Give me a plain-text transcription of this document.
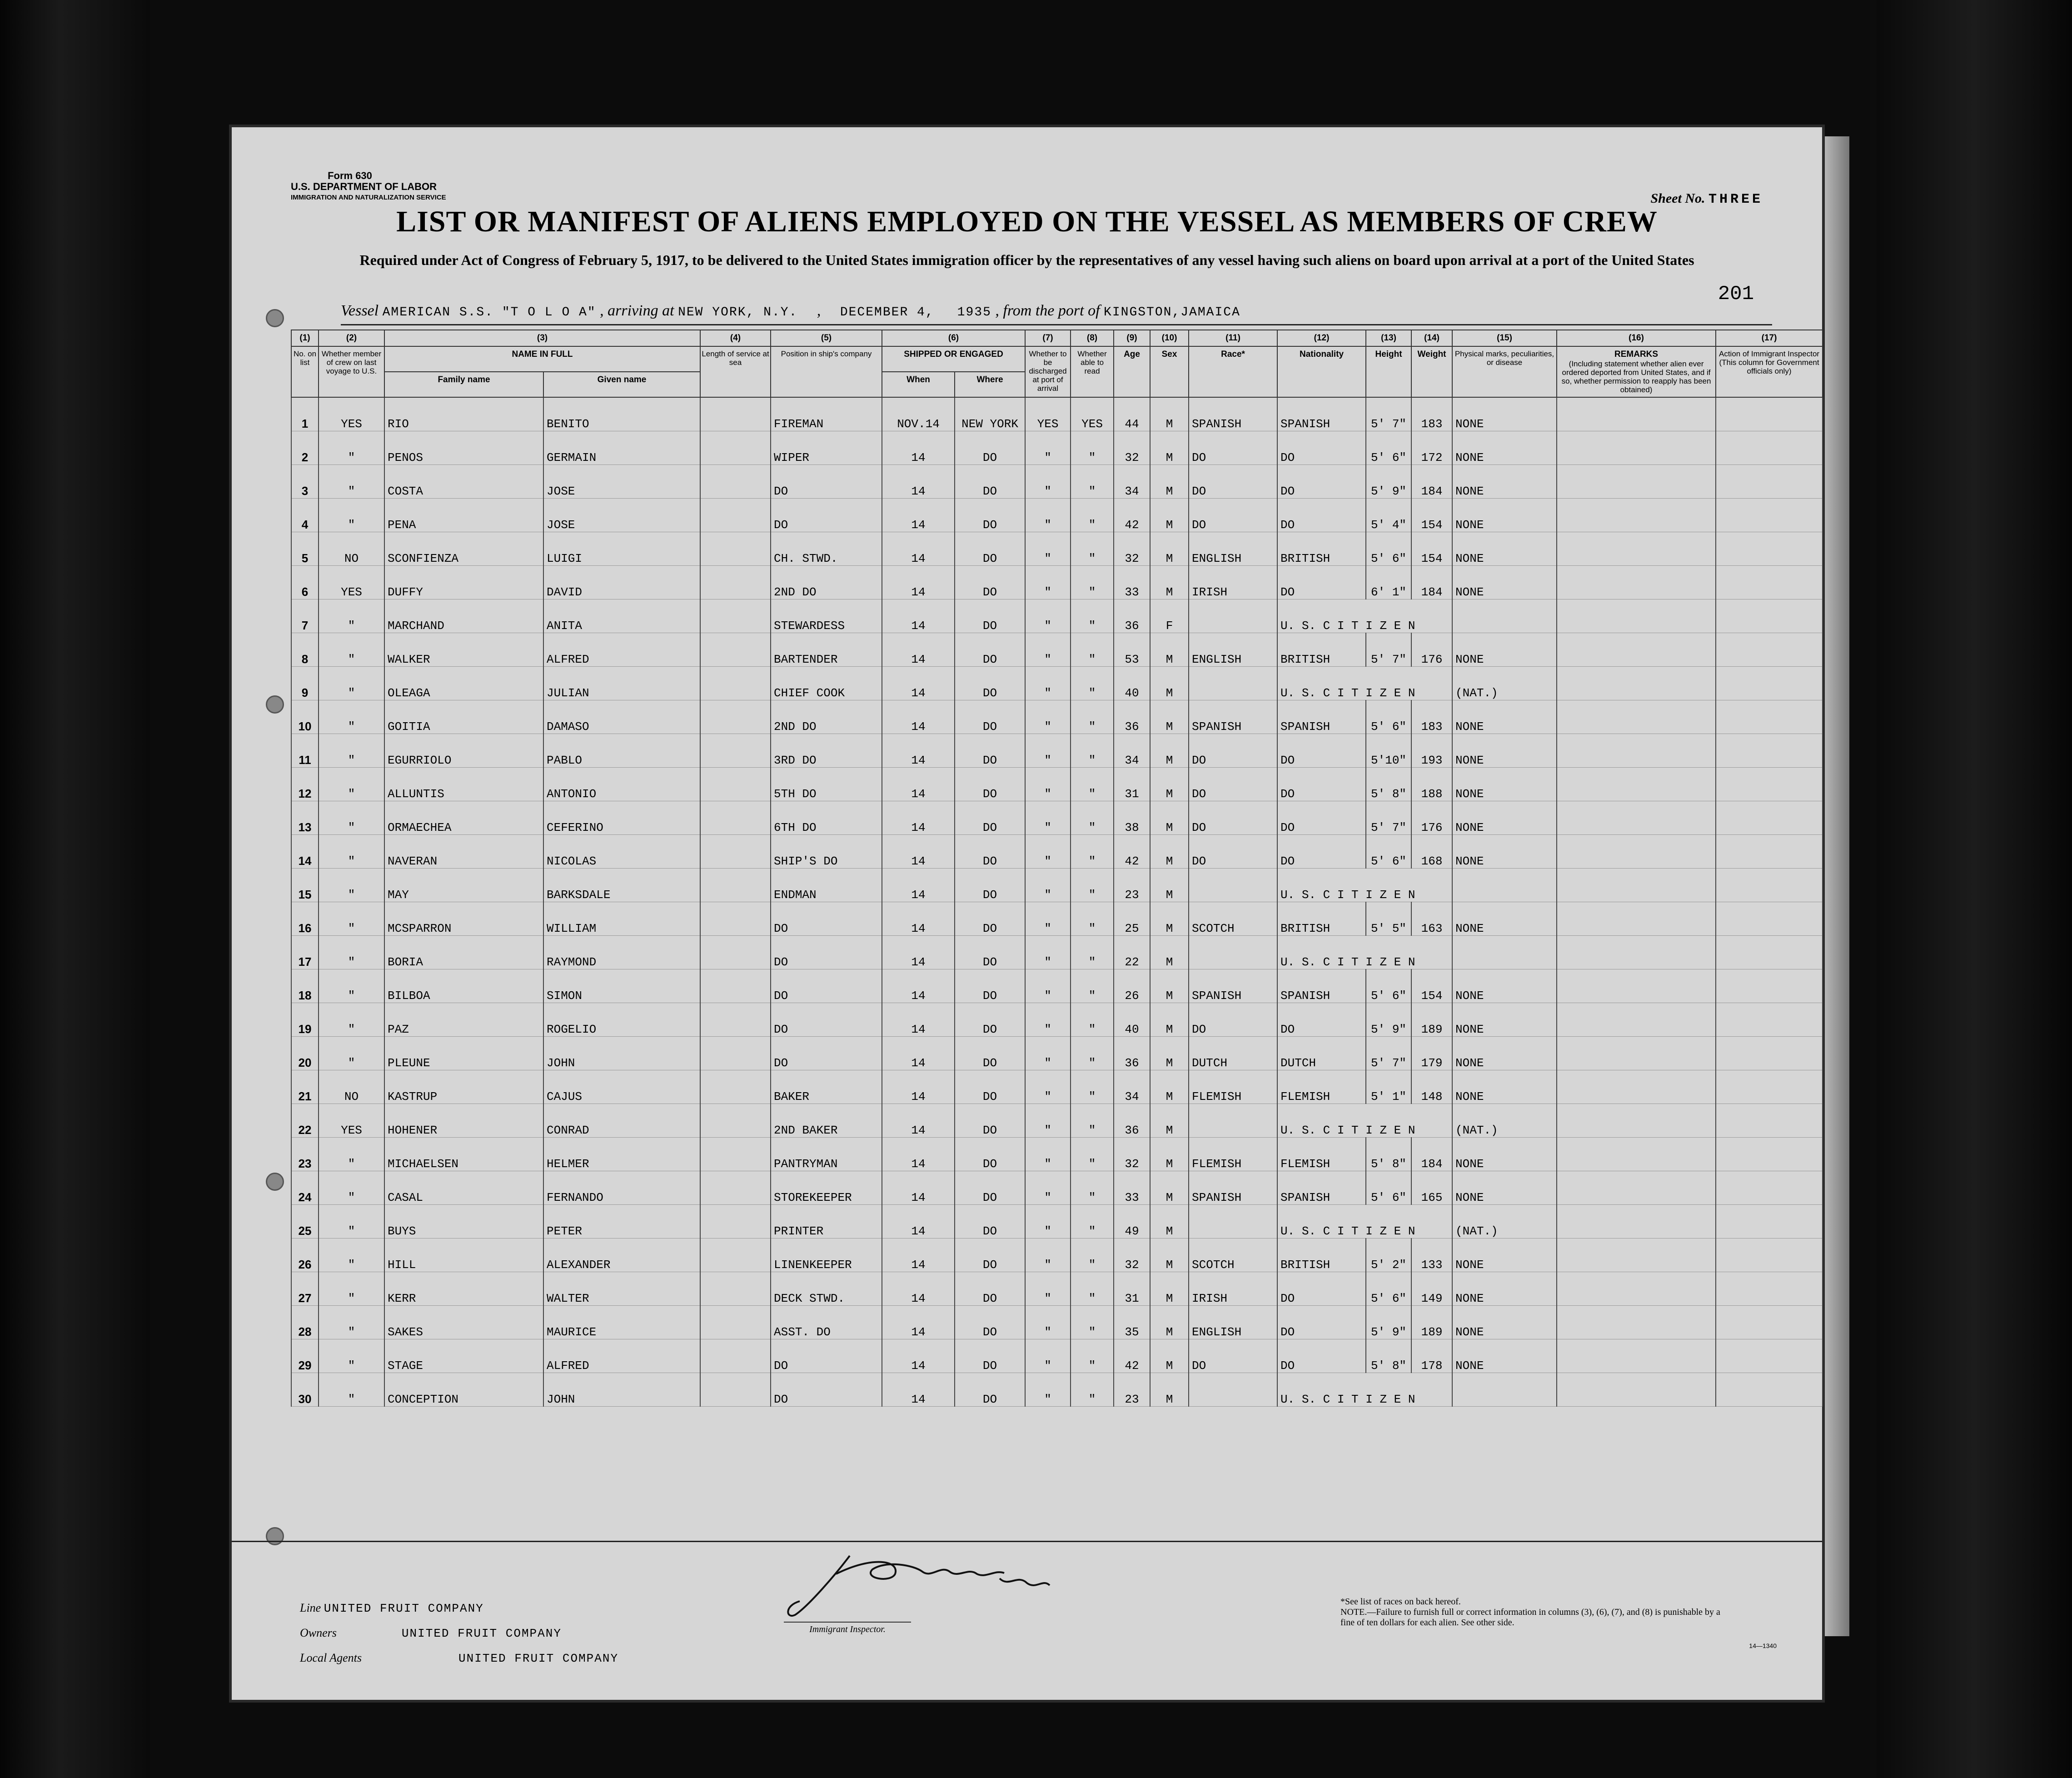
Form 630
U.S. DEPARTMENT OF LABOR
IMMIGRATION AND NATURALIZATION SERVICE	Sheet No. THREE
LIST OR MANIFEST OF ALIENS EMPLOYED ON THE VESSEL AS MEMBERS OF CREW
Required under Act of Congress of February 5, 1917, to be delivered to the United States immigration officer by the representatives of any vessel having such aliens on board upon arrival at a port of the United States
201
Vessel AMERICAN S.S. "T O L O A" , arriving at NEW YORK, N.Y.     ,     DECEMBER 4, 1935 , from the port of KINGSTON,JAMAICA
(1)	(2)	(3)		(4)	(5)	(6)		(7)	(8)	(9)	(10)	(11)	(12)	(13)	(14)	(15)	(16)	(17)

No. on list	Whether member of crew on last voyage to U.S.	NAME IN FULL		Length of service at sea	Position in ship's company	SHIPPED OR ENGAGED		Whether to be discharged at port of arrival	Whether able to read	Age	Sex	Race*	Nationality	Height	Weight	Physical marks, peculiarities, or disease	REMARKS
(Including statement whether alien ever ordered deported from United States, and if so, whether permission to reapply has been obtained)	Action of Immigrant Inspector
(This column for Government officials only)

		Family name	Given name			When	Where											
1	YES	RIO	BENITO		FIREMAN	NOV.14	NEW YORK	YES	YES	44	M	SPANISH	SPANISH	5' 7"	183	NONE		
2	"	PENOS	GERMAIN		WIPER	14	DO	"	"	32	M	DO	DO	5' 6"	172	NONE		
3	"	COSTA	JOSE		DO	14	DO	"	"	34	M	DO	DO	5' 9"	184	NONE		
4	"	PENA	JOSE		DO	14	DO	"	"	42	M	DO	DO	5' 4"	154	NONE		
5	NO	SCONFIENZA	LUIGI		CH. STWD.	14	DO	"	"	32	M	ENGLISH	BRITISH	5' 6"	154	NONE		
6	YES	DUFFY	DAVID		2ND DO	14	DO	"	"	33	M	IRISH	DO	6' 1"	184	NONE		
7	"	MARCHAND	ANITA		STEWARDESS	14	DO	"	"	36	F		U. S. C I T I Z E N					
8	"	WALKER	ALFRED		BARTENDER	14	DO	"	"	53	M	ENGLISH	BRITISH	5' 7"	176	NONE		
9	"	OLEAGA	JULIAN		CHIEF COOK	14	DO	"	"	40	M		U. S. C I T I Z E N			(NAT.)		
10	"	GOITIA	DAMASO		2ND DO	14	DO	"	"	36	M	SPANISH	SPANISH	5' 6"	183	NONE		
11	"	EGURRIOLO	PABLO		3RD DO	14	DO	"	"	34	M	DO	DO	5'10"	193	NONE		
12	"	ALLUNTIS	ANTONIO		5TH DO	14	DO	"	"	31	M	DO	DO	5' 8"	188	NONE		
13	"	ORMAECHEA	CEFERINO		6TH DO	14	DO	"	"	38	M	DO	DO	5' 7"	176	NONE		
14	"	NAVERAN	NICOLAS		SHIP'S DO	14	DO	"	"	42	M	DO	DO	5' 6"	168	NONE		
15	"	MAY	BARKSDALE		ENDMAN	14	DO	"	"	23	M		U. S. C I T I Z E N					
16	"	MCSPARRON	WILLIAM		DO	14	DO	"	"	25	M	SCOTCH	BRITISH	5' 5"	163	NONE		
17	"	BORIA	RAYMOND		DO	14	DO	"	"	22	M		U. S. C I T I Z E N					
18	"	BILBOA	SIMON		DO	14	DO	"	"	26	M	SPANISH	SPANISH	5' 6"	154	NONE		
19	"	PAZ	ROGELIO		DO	14	DO	"	"	40	M	DO	DO	5' 9"	189	NONE		
20	"	PLEUNE	JOHN		DO	14	DO	"	"	36	M	DUTCH	DUTCH	5' 7"	179	NONE		
21	NO	KASTRUP	CAJUS		BAKER	14	DO	"	"	34	M	FLEMISH	FLEMISH	5' 1"	148	NONE		
22	YES	HOHENER	CONRAD		2ND BAKER	14	DO	"	"	36	M		U. S. C I T I Z E N			(NAT.)		
23	"	MICHAELSEN	HELMER		PANTRYMAN	14	DO	"	"	32	M	FLEMISH	FLEMISH	5' 8"	184	NONE		
24	"	CASAL	FERNANDO		STOREKEEPER	14	DO	"	"	33	M	SPANISH	SPANISH	5' 6"	165	NONE		
25	"	BUYS	PETER		PRINTER	14	DO	"	"	49	M		U. S. C I T I Z E N			(NAT.)		
26	"	HILL	ALEXANDER		LINENKEEPER	14	DO	"	"	32	M	SCOTCH	BRITISH	5' 2"	133	NONE		
27	"	KERR	WALTER		DECK STWD.	14	DO	"	"	31	M	IRISH	DO	5' 6"	149	NONE		
28	"	SAKES	MAURICE		ASST. DO	14	DO	"	"	35	M	ENGLISH	DO	5' 9"	189	NONE		
29	"	STAGE	ALFRED		DO	14	DO	"	"	42	M	DO	DO	5' 8"	178	NONE		
30	"	CONCEPTION	JOHN		DO	14	DO	"	"	23	M		U. S. C I T I Z E N					
Immigrant Inspector.
Line UNITED FRUIT COMPANY
Owners	UNITED FRUIT COMPANY
Local Agents	UNITED FRUIT COMPANY
*See list of races on back hereof.
NOTE.—Failure to furnish full or correct information in columns (3), (6), (7), and (8) is punishable by a fine of ten dollars for each alien. See other side.
14—1340
